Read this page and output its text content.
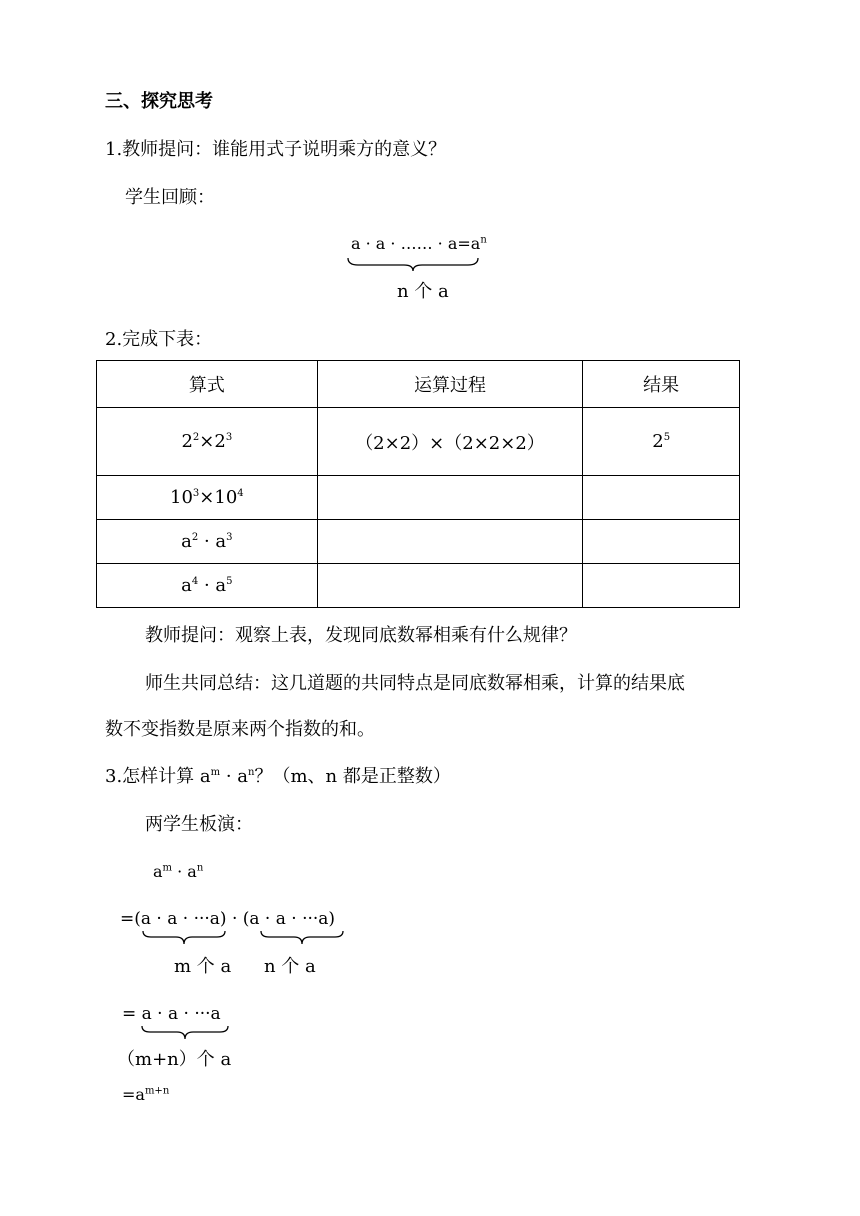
三、探究思考
1.教师提问：谁能用式子说明乘方的意义？
学生回顾：
a · a · …… · $a=a^n$
n 个 a
2.完成下表：
算式	运算过程	结果
$2^2\times 2^3$	（2×2）×（2×2×2）	$2^5$
$10^3\times 10^4$		
$a^2 \cdot a^3$		
$a^4 \cdot a^5$		
教师提问：观察上表，发现同底数幂相乘有什么规律？
师生共同总结：这几道题的共同特点是同底数幂相乘，计算的结果底
数不变指数是原来两个指数的和。
3.怎样计算 $a^m \cdot a^n$？（m、n 都是正整数）
两学生板演：
$a^m \cdot a^n$
=(a · a · ···a) · (a · a · ···a)
m 个 a n 个 a
= a · a · ···a
（m+n）个 a
$=a^{m+n}$
